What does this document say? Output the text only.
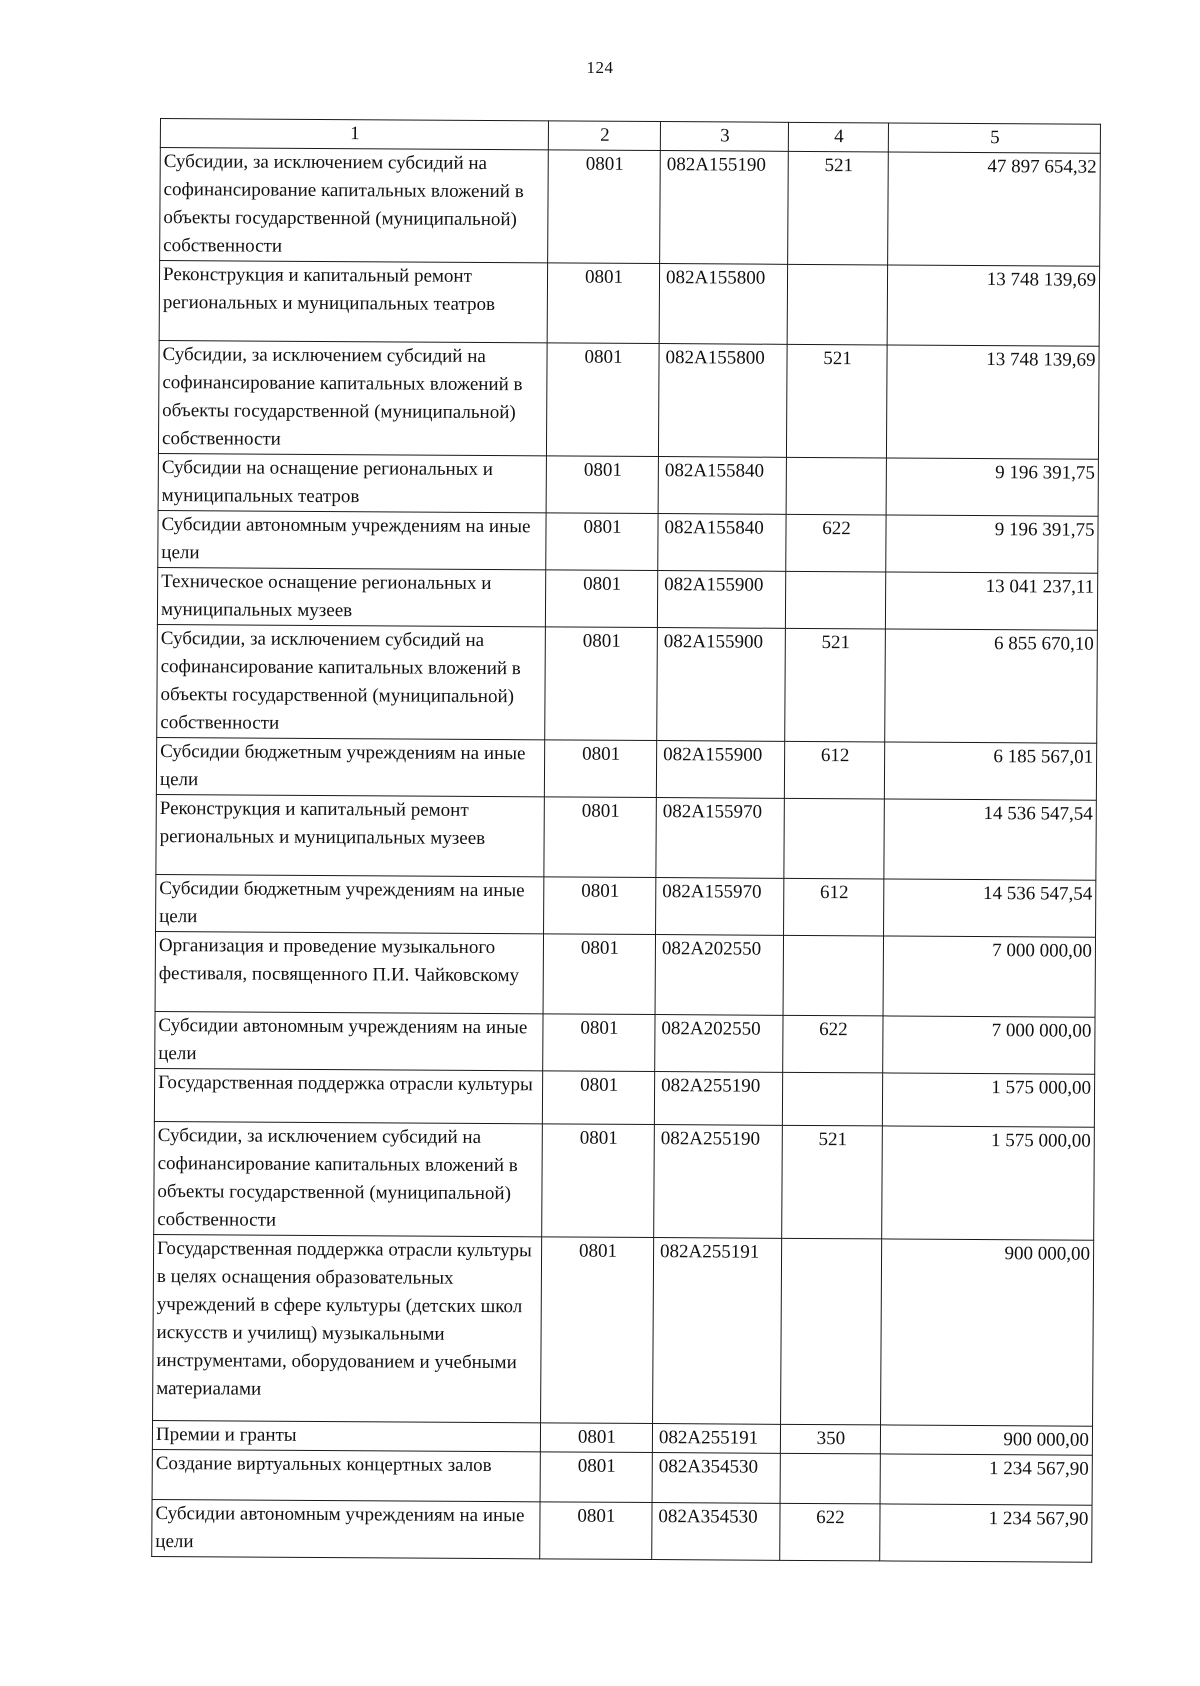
124
1	2	3	4	5
Субсидии, за исключением субсидий на софинансирование капитальных вложений в объекты государственной (муниципальной) собственности	0801	082A155190	521	47 897 654,32
Реконструкция и капитальный ремонт региональных и муниципальных театров	0801	082A155800		13 748 139,69
Субсидии, за исключением субсидий на софинансирование капитальных вложений в объекты государственной (муниципальной) собственности	0801	082A155800	521	13 748 139,69
Субсидии на оснащение региональных и муниципальных театров	0801	082A155840		9 196 391,75
Субсидии автономным учреждениям на иные цели	0801	082A155840	622	9 196 391,75
Техническое оснащение региональных и муниципальных музеев	0801	082A155900		13 041 237,11
Субсидии, за исключением субсидий на софинансирование капитальных вложений в объекты государственной (муниципальной) собственности	0801	082A155900	521	6 855 670,10
Субсидии бюджетным учреждениям на иные цели	0801	082A155900	612	6 185 567,01
Реконструкция и капитальный ремонт региональных и муниципальных музеев	0801	082A155970		14 536 547,54
Субсидии бюджетным учреждениям на иные цели	0801	082A155970	612	14 536 547,54
Организация и проведение музыкального фестиваля, посвященного П.И. Чайковскому	0801	082A202550		7 000 000,00
Субсидии автономным учреждениям на иные цели	0801	082A202550	622	7 000 000,00
Государственная поддержка отрасли культуры	0801	082A255190		1 575 000,00
Субсидии, за исключением субсидий на софинансирование капитальных вложений в объекты государственной (муниципальной) собственности	0801	082A255190	521	1 575 000,00
Государственная поддержка отрасли культуры в целях оснащения образовательных учреждений в сфере культуры (детских школ искусств и училищ) музыкальными инструментами, оборудованием и учебными материалами	0801	082A255191		900 000,00
Премии и гранты	0801	082A255191	350	900 000,00
Создание виртуальных концертных залов	0801	082A354530		1 234 567,90
Субсидии автономным учреждениям на иные цели	0801	082A354530	622	1 234 567,90
